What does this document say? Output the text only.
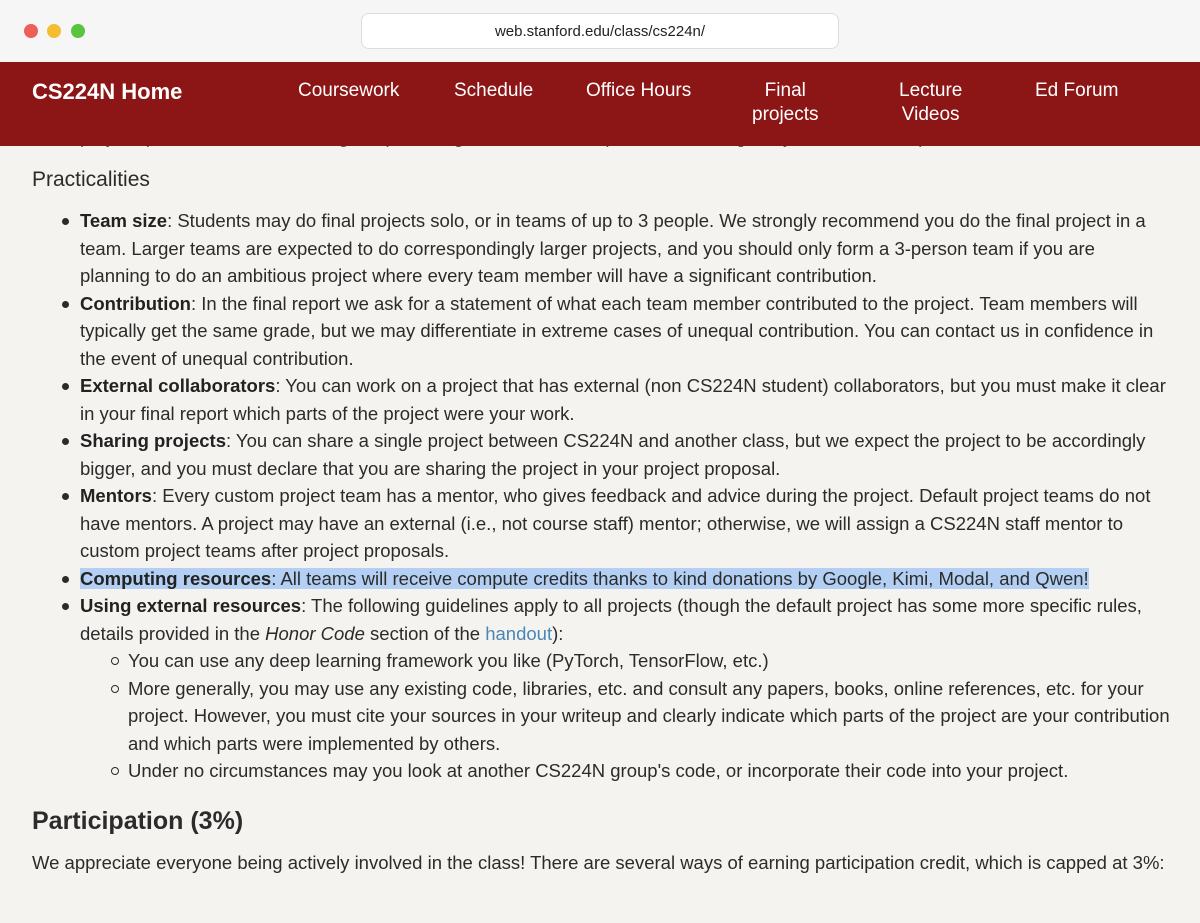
web.stanford.edu/class/cs224n/
CS224N Home	Coursework	Schedule	Office Hours	Final
projects
Lecture
Videos
Ed Forum
Practicalities
Team size: Students may do final projects solo, or in teams of up to 3 people. We strongly recommend you do the final project in a team. Larger teams are expected to do correspondingly larger projects, and you should only form a 3-person team if you are planning to do an ambitious project where every team member will have a significant contribution.
Contribution: In the final report we ask for a statement of what each team member contributed to the project. Team members will typically get the same grade, but we may differentiate in extreme cases of unequal contribution. You can contact us in confidence in the event of unequal contribution.
External collaborators: You can work on a project that has external (non CS224N student) collaborators, but you must make it clear in your final report which parts of the project were your work.
Sharing projects: You can share a single project between CS224N and another class, but we expect the project to be accordingly bigger, and you must declare that you are sharing the project in your project proposal.
Mentors: Every custom project team has a mentor, who gives feedback and advice during the project. Default project teams do not have mentors. A project may have an external (i.e., not course staff) mentor; otherwise, we will assign a CS224N staff mentor to custom project teams after project proposals.
Computing resources: All teams will receive compute credits thanks to kind donations by Google, Kimi, Modal, and Qwen!
Using external resources: The following guidelines apply to all projects (though the default project has some more specific rules, details provided in the Honor Code section of the handout):
You can use any deep learning framework you like (PyTorch, TensorFlow, etc.)
More generally, you may use any existing code, libraries, etc. and consult any papers, books, online references, etc. for your project. However, you must cite your sources in your writeup and clearly indicate which parts of the project are your contribution and which parts were implemented by others.
Under no circumstances may you look at another CS224N group's code, or incorporate their code into your project.
Participation (3%)
We appreciate everyone being actively involved in the class! There are several ways of earning participation credit, which is capped at 3%:
